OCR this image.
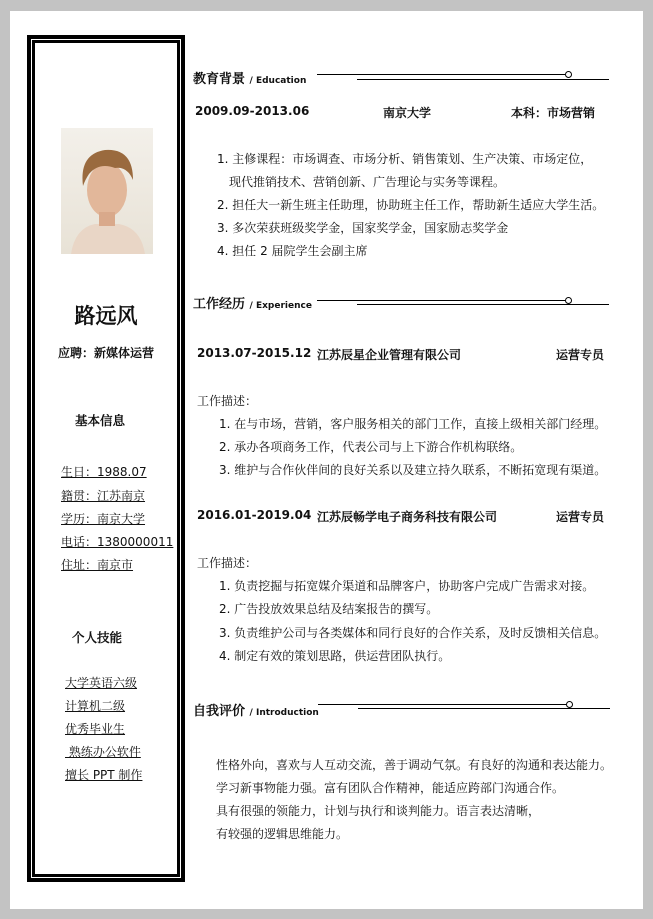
路远风
应聘：新媒体运营
基本信息
生日：1988.07
籍贯：江苏南京
学历：南京大学
电话：1380000011
住址：南京市
个人技能
大学英语六级
计算机二级
优秀毕业生
熟练办公软件
擅长 PPT 制作
教育背景 / Education
2009.09-2013.06	南京大学	本科：市场营销
1. 主修课程：市场调查、市场分析、销售策划、生产决策、市场定位，
现代推销技术、营销创新、广告理论与实务等课程。
2. 担任大一新生班主任助理，协助班主任工作，帮助新生适应大学生活。
3. 多次荣获班级奖学金，国家奖学金，国家励志奖学金
4. 担任 2 届院学生会副主席
工作经历 / Experience
2013.07-2015.12 江苏辰星企业管理有限公司	运营专员
工作描述：
1. 在与市场，营销，客户服务相关的部门工作，直接上级相关部门经理。
2. 承办各项商务工作，代表公司与上下游合作机构联络。
3. 维护与合作伙伴间的良好关系以及建立持久联系，不断拓宽现有渠道。
2016.01-2019.04 江苏辰畅学电子商务科技有限公司	运营专员
工作描述：
1. 负责挖掘与拓宽媒介渠道和品牌客户，协助客户完成广告需求对接。
2. 广告投放效果总结及结案报告的撰写。
3. 负责维护公司与各类媒体和同行良好的合作关系，及时反馈相关信息。
4. 制定有效的策划思路，供运营团队执行。
自我评价 / Introduction
性格外向，喜欢与人互动交流，善于调动气氛。有良好的沟通和表达能力。
学习新事物能力强。富有团队合作精神，能适应跨部门沟通合作。
具有很强的领能力，计划与执行和谈判能力。语言表达清晰，
有较强的逻辑思维能力。
